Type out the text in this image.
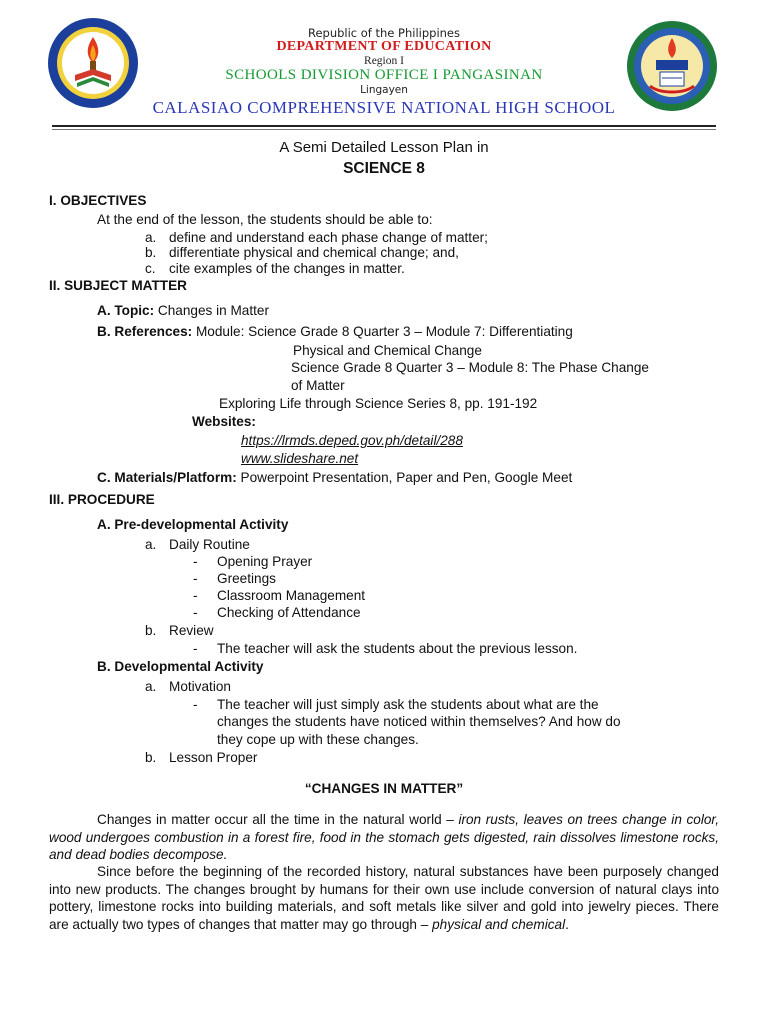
Republic of the Philippines
DEPARTMENT OF EDUCATION
Region I
SCHOOLS DIVISION OFFICE I PANGASINAN
Lingayen
CALASIAO COMPREHENSIVE NATIONAL HIGH SCHOOL
A Semi Detailed Lesson Plan in
SCIENCE 8
I. OBJECTIVES
At the end of the lesson, the students should be able to:
a. define and understand each phase change of matter;
b. differentiate physical and chemical change; and,
c. cite examples of the changes in matter.
II. SUBJECT MATTER
A. Topic: Changes in Matter
B. References: Module: Science Grade 8 Quarter 3 – Module 7: Differentiating
Physical and Chemical Change
Science Grade 8 Quarter 3 – Module 8: The Phase Change
of Matter
Exploring Life through Science Series 8, pp. 191-192
Websites:
https://lrmds.deped.gov.ph/detail/288
www.slideshare.net
C. Materials/Platform: Powerpoint Presentation, Paper and Pen, Google Meet
III. PROCEDURE
A. Pre-developmental Activity
a. Daily Routine
- Opening Prayer
- Greetings
- Classroom Management
- Checking of Attendance
b. Review
- The teacher will ask the students about the previous lesson.
B. Developmental Activity
a. Motivation
- The teacher will just simply ask the students about what are the
changes the students have noticed within themselves? And how do
they cope up with these changes.
b. Lesson Proper
“CHANGES IN MATTER”
Changes in matter occur all the time in the natural world – iron rusts, leaves on trees change in color, wood undergoes combustion in a forest fire, food in the stomach gets digested, rain dissolves limestone rocks, and dead bodies decompose.
Since before the beginning of the recorded history, natural substances have been purposely changed into new products. The changes brought by humans for their own use include conversion of natural clays into pottery, limestone rocks into building materials, and soft metals like silver and gold into jewelry pieces. There are actually two types of changes that matter may go through – physical and chemical.
